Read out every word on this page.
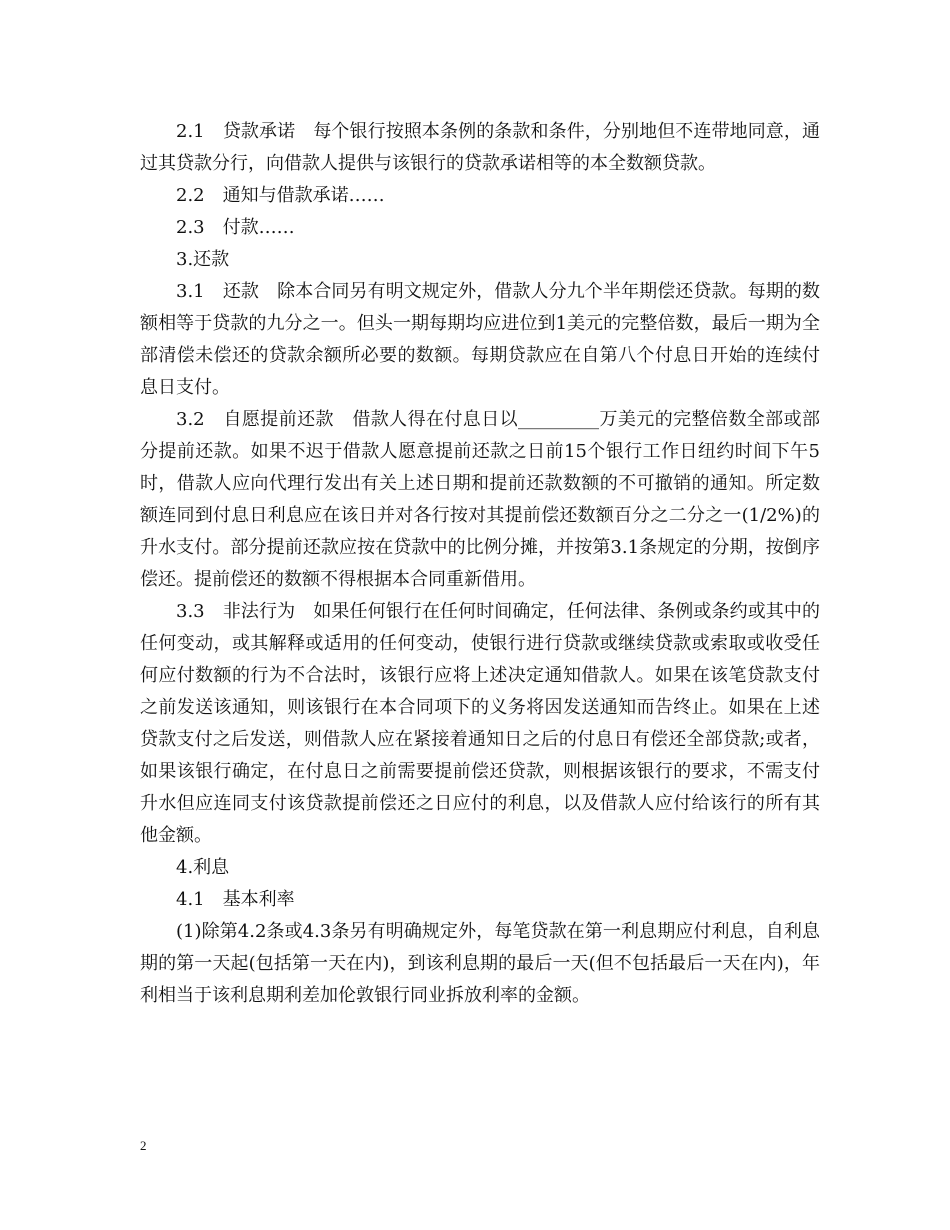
2.1　贷款承诺　每个银行按照本条例的条款和条件，分别地但不连带地同意，通过其贷款分行，向借款人提供与该银行的贷款承诺相等的本全数额贷款。

2.2　通知与借款承诺……

2.3　付款……

3.还款

3.1　还款　除本合同另有明文规定外，借款人分九个半年期偿还贷款。每期的数额相等于贷款的九分之一。但头一期每期均应进位到1美元的完整倍数，最后一期为全部清偿未偿还的贷款余额所必要的数额。每期贷款应在自第八个付息日开始的连续付息日支付。

3.2　自愿提前还款　借款人得在付息日以_________万美元的完整倍数全部或部分提前还款。如果不迟于借款人愿意提前还款之日前15个银行工作日纽约时间下午5时，借款人应向代理行发出有关上述日期和提前还款数额的不可撤销的通知。所定数额连同到付息日利息应在该日并对各行按对其提前偿还数额百分之二分之一(1/2%)的升水支付。部分提前还款应按在贷款中的比例分摊，并按第3.1条规定的分期，按倒序偿还。提前偿还的数额不得根据本合同重新借用。

3.3　非法行为　如果任何银行在任何时间确定，任何法律、条例或条约或其中的任何变动，或其解释或适用的任何变动，使银行进行贷款或继续贷款或索取或收受任何应付数额的行为不合法时，该银行应将上述决定通知借款人。如果在该笔贷款支付之前发送该通知，则该银行在本合同项下的义务将因发送通知而告终止。如果在上述贷款支付之后发送，则借款人应在紧接着通知日之后的付息日有偿还全部贷款;或者，如果该银行确定，在付息日之前需要提前偿还贷款，则根据该银行的要求，不需支付升水但应连同支付该贷款提前偿还之日应付的利息，以及借款人应付给该行的所有其他金额。

4.利息

4.1　基本利率

(1)除第4.2条或4.3条另有明确规定外，每笔贷款在第一利息期应付利息，自利息期的第一天起(包括第一天在内)，到该利息期的最后一天(但不包括最后一天在内)，年利相当于该利息期利差加伦敦银行同业拆放利率的金额。

2
